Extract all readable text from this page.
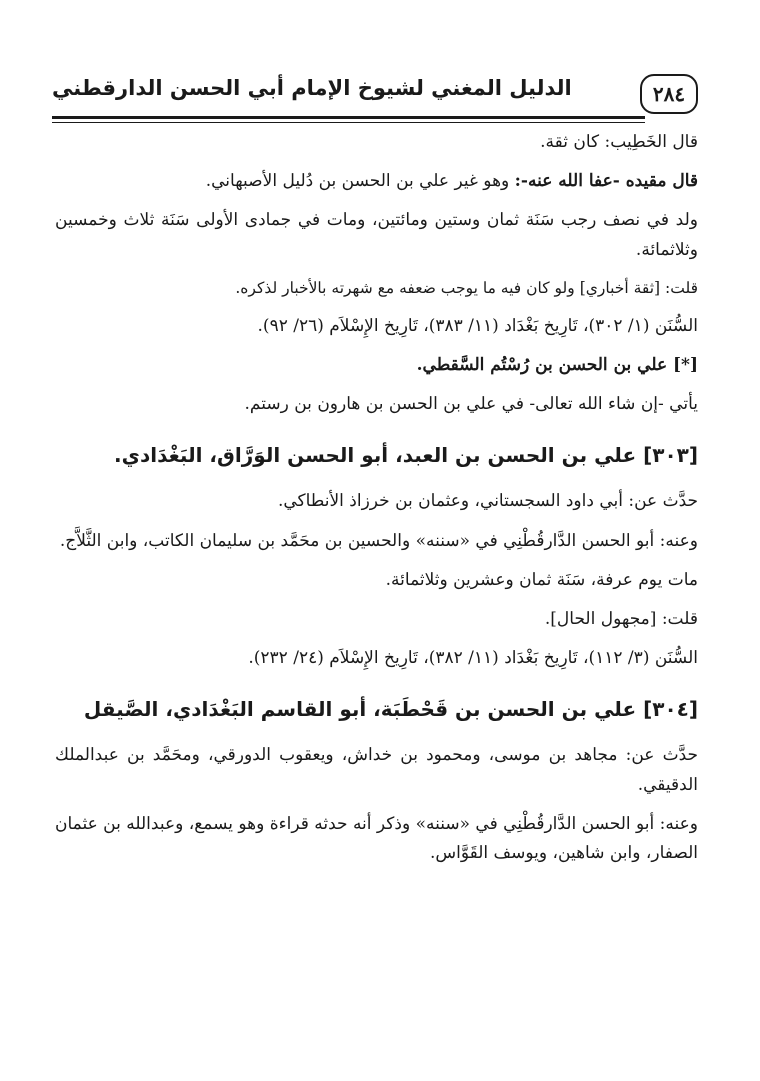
٢٨٤
الدليل المغني لشيوخ الإمام أبي الحسن الدارقطني

قال الخَطِيب: كان ثقة.

قال مقيده -عفا الله عنه-: وهو غير علي بن الحسن بن دُليل الأصبهاني.

ولد في نصف رجب سَنَة ثمان وستين ومائتين، ومات في جمادى الأولى سَنَة ثلاث وخمسين وثلاثمائة.

قلت: [ثقة أخباري] ولو كان فيه ما يوجب ضعفه مع شهرته بالأخبار لذكره.

السُّنَن (١/ ٣٠٢)، تَارِيخ بَغْدَاد (١١/ ٣٨٣)، تَارِيخ الإِسْلاَم (٢٦/ ٩٢).

[*] علي بن الحسن بن رُسْتُم السَّقطي.

يأتي -إن شاء الله تعالى- في علي بن الحسن بن هارون بن رستم.

[٣٠٣] علي بن الحسن بن العبد، أبو الحسن الوَرَّاق، البَغْدَادي.

حدَّث عن: أبي داود السجستاني، وعثمان بن خرزاذ الأنطاكي.

وعنه: أبو الحسن الدَّارقُطْنِي في «سننه» والحسين بن محَمَّد بن سليمان الكاتب، وابن الثَّلاَّج.

مات يوم عرفة، سَنَة ثمان وعشرين وثلاثمائة.

قلت: [مجهول الحال].

السُّنَن (٣/ ١١٢)، تَارِيخ بَغْدَاد (١١/ ٣٨٢)، تَارِيخ الإِسْلاَم (٢٤/ ٢٣٢).

[٣٠٤] علي بن الحسن بن قَحْطَبَة، أبو القاسم البَغْدَادي، الصَّيقل

حدَّث عن: مجاهد بن موسى، ومحمود بن خداش، ويعقوب الدورقي، ومحَمَّد بن عبدالملك الدقيقي.

وعنه: أبو الحسن الدَّارقُطْنِي في «سننه» وذكر أنه حدثه قراءة وهو يسمع، وعبدالله بن عثمان الصفار، وابن شاهين، ويوسف القَوَّاس.
